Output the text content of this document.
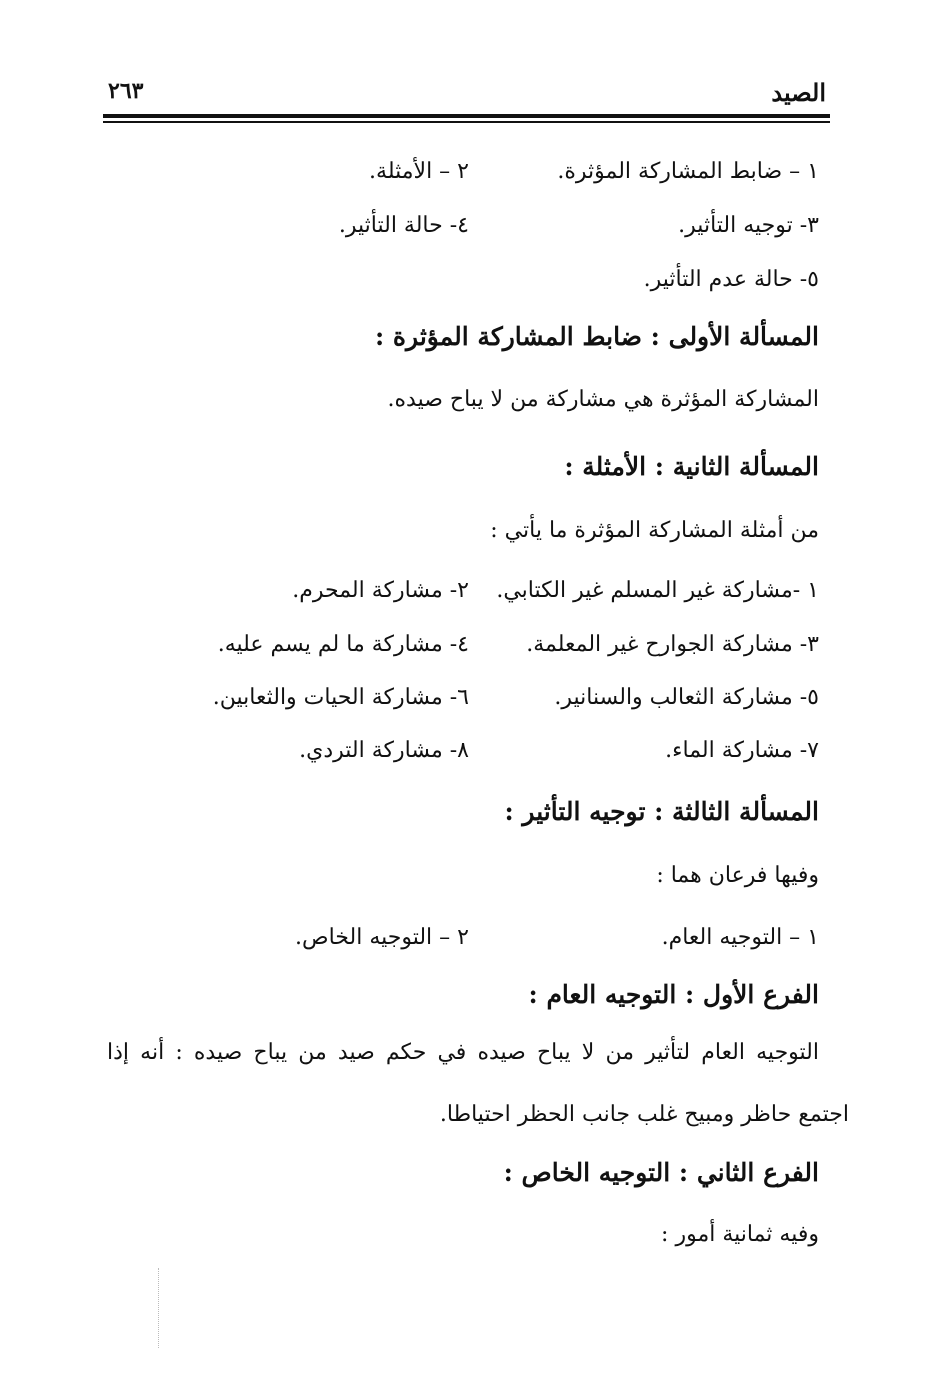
الصيد
٢٦٣
١ – ضابط المشاركة المؤثرة.
٢ – الأمثلة.
٣- توجيه التأثير.
٤- حالة التأثير.
٥- حالة عدم التأثير.
المسألة الأولى : ضابط المشاركة المؤثرة :
المشاركة المؤثرة هي مشاركة من لا يباح صيده.
المسألة الثانية : الأمثلة :
من أمثلة المشاركة المؤثرة ما يأتي :
١ -مشاركة غير المسلم غير الكتابي.
٢- مشاركة المحرم.
٣- مشاركة الجوارح غير المعلمة.
٤- مشاركة ما لم يسم عليه.
٥- مشاركة الثعالب والسنانير.
٦- مشاركة الحيات والثعابين.
٧- مشاركة الماء.
٨- مشاركة التردي.
المسألة الثالثة : توجيه التأثير :
وفيها فرعان هما :
١ – التوجيه العام.
٢ – التوجيه الخاص.
الفرع الأول : التوجيه العام :
التوجيه العام لتأثير من لا يباح صيده في حكم صيد من يباح صيده : أنه إذا
اجتمع حاظر ومبيح غلب جانب الحظر احتياطا.
الفرع الثاني : التوجيه الخاص :
وفيه ثمانية أمور :
